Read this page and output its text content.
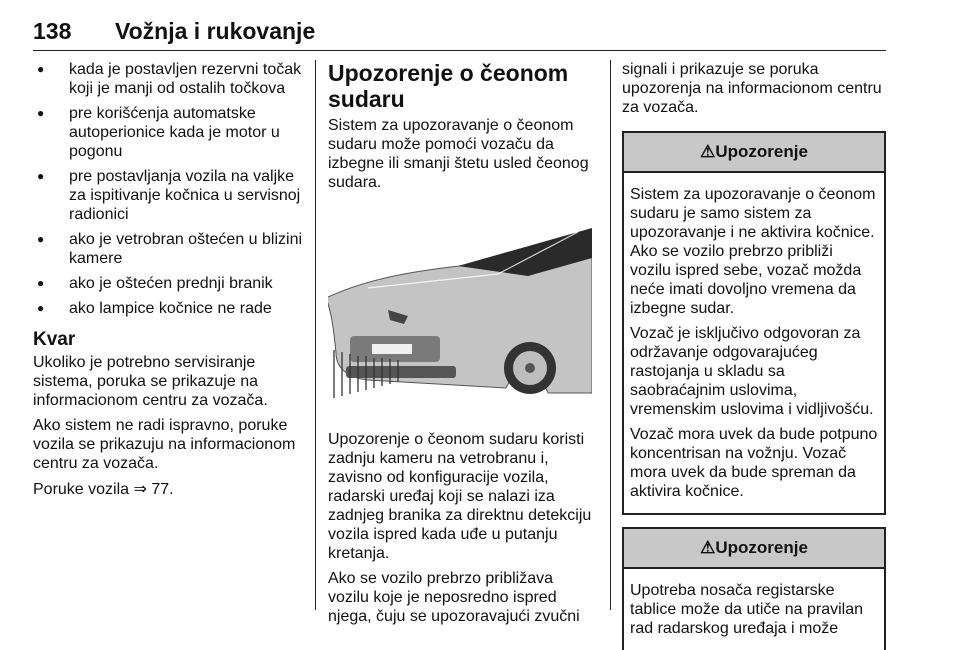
138 Vožnja i rukovanje
●	kada je postavljen rezervni točak koji je manji od ostalih točkova
●	pre korišćenja automatske autoperionice kada je motor u pogonu
●	pre postavljanja vozila na valjke za ispitivanje kočnica u servisnoj radionici
●	ako je vetrobran oštećen u blizini kamere
●	ako je oštećen prednji branik
●	ako lampice kočnice ne rade
Kvar

Ukoliko je potrebno servisiranje sistema, poruka se prikazuje na informacionom centru za vozača.

Ako sistem ne radi ispravno, poruke vozila se prikazuju na informacionom centru za vozača.

Poruke vozila ⇒ 77.

Upozorenje o čeonom sudaru

Sistem za upozoravanje o čeonom sudaru može pomoći vozaču da izbegne ili smanji štetu usled čeonog sudara.

Upozorenje o čeonom sudaru koristi zadnju kameru na vetrobranu i, zavisno od konfiguracije vozila, radarski uređaj koji se nalazi iza zadnjeg branika za direktnu detekciju vozila ispred kada uđe u putanju kretanja.

Ako se vozilo prebrzo približava vozilu koje je neposredno ispred njega, čuju se upozoravajući zvučni

signali i prikazuje se poruka upozorenja na informacionom centru za vozača.

⚠Upozorenje

Sistem za upozoravanje o čeonom sudaru je samo sistem za upozoravanje i ne aktivira kočnice. Ako se vozilo prebrzo približi vozilu ispred sebe, vozač možda neće imati dovoljno vremena da izbegne sudar.

Vozač je isključivo odgovoran za održavanje odgovarajućeg rastojanja u skladu sa saobraćajnim uslovima, vremenskim uslovima i vidljivošću.

Vozač mora uvek da bude potpuno koncentrisan na vožnju. Vozač mora uvek da bude spreman da aktivira kočnice.

⚠Upozorenje

Upotreba nosača registarske tablice može da utiče na pravilan rad radarskog uređaja i može
